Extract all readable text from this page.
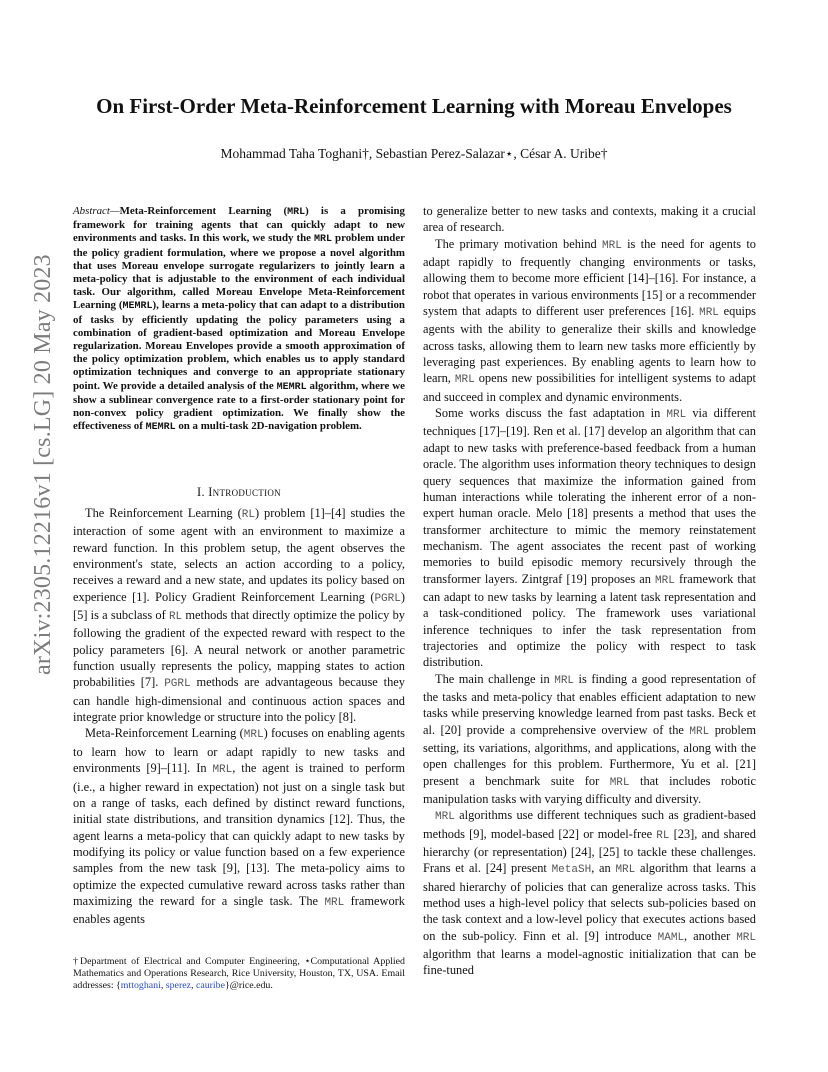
arXiv:2305.12216v1 [cs.LG] 20 May 2023
On First-Order Meta-Reinforcement Learning with Moreau Envelopes
Mohammad Taha Toghani†, Sebastian Perez-Salazar⋆, César A. Uribe†
Abstract—Meta-Reinforcement Learning (MRL) is a promising framework for training agents that can quickly adapt to new environments and tasks. In this work, we study the MRL problem under the policy gradient formulation, where we propose a novel algorithm that uses Moreau envelope surrogate regularizers to jointly learn a meta-policy that is adjustable to the environment of each individual task. Our algorithm, called Moreau Envelope Meta-Reinforcement Learning (MEMRL), learns a meta-policy that can adapt to a distribution of tasks by efficiently updating the policy parameters using a combination of gradient-based optimization and Moreau Envelope regularization. Moreau Envelopes provide a smooth approximation of the policy optimization problem, which enables us to apply standard optimization techniques and converge to an appropriate stationary point. We provide a detailed analysis of the MEMRL algorithm, where we show a sublinear convergence rate to a first-order stationary point for non-convex policy gradient optimization. We finally show the effectiveness of MEMRL on a multi-task 2D-navigation problem.
I. Introduction

The Reinforcement Learning (RL) problem [1]–[4] studies the interaction of some agent with an environment to maximize a reward function. In this problem setup, the agent observes the environment's state, selects an action according to a policy, receives a reward and a new state, and updates its policy based on experience [1]. Policy Gradient Reinforcement Learning (PGRL) [5] is a subclass of RL methods that directly optimize the policy by following the gradient of the expected reward with respect to the policy parameters [6]. A neural network or another parametric function usually represents the policy, mapping states to action probabilities [7]. PGRL methods are advantageous because they can handle high-dimensional and continuous action spaces and integrate prior knowledge or structure into the policy [8].

Meta-Reinforcement Learning (MRL) focuses on enabling agents to learn how to learn or adapt rapidly to new tasks and environments [9]–[11]. In MRL, the agent is trained to perform (i.e., a higher reward in expectation) not just on a single task but on a range of tasks, each defined by distinct reward functions, initial state distributions, and transition dynamics [12]. Thus, the agent learns a meta-policy that can quickly adapt to new tasks by modifying its policy or value function based on a few experience samples from the new task [9], [13]. The meta-policy aims to optimize the expected cumulative reward across tasks rather than maximizing the reward for a single task. The MRL framework enables agents

†Department of Electrical and Computer Engineering, ⋆Computational Applied Mathematics and Operations Research, Rice University, Houston, TX, USA. Email addresses: {mttoghani, sperez, cauribe}@rice.edu.

to generalize better to new tasks and contexts, making it a crucial area of research.

The primary motivation behind MRL is the need for agents to adapt rapidly to frequently changing environments or tasks, allowing them to become more efficient [14]–[16]. For instance, a robot that operates in various environments [15] or a recommender system that adapts to different user preferences [16]. MRL equips agents with the ability to generalize their skills and knowledge across tasks, allowing them to learn new tasks more efficiently by leveraging past experiences. By enabling agents to learn how to learn, MRL opens new possibilities for intelligent systems to adapt and succeed in complex and dynamic environments.

Some works discuss the fast adaptation in MRL via different techniques [17]–[19]. Ren et al. [17] develop an algorithm that can adapt to new tasks with preference-based feedback from a human oracle. The algorithm uses information theory techniques to design query sequences that maximize the information gained from human interactions while tolerating the inherent error of a non-expert human oracle. Melo [18] presents a method that uses the transformer architecture to mimic the memory reinstatement mechanism. The agent associates the recent past of working memories to build episodic memory recursively through the transformer layers. Zintgraf [19] proposes an MRL framework that can adapt to new tasks by learning a latent task representation and a task-conditioned policy. The framework uses variational inference techniques to infer the task representation from trajectories and optimize the policy with respect to task distribution.

The main challenge in MRL is finding a good representation of the tasks and meta-policy that enables efficient adaptation to new tasks while preserving knowledge learned from past tasks. Beck et al. [20] provide a comprehensive overview of the MRL problem setting, its variations, algorithms, and applications, along with the open challenges for this problem. Furthermore, Yu et al. [21] present a benchmark suite for MRL that includes robotic manipulation tasks with varying difficulty and diversity.

MRL algorithms use different techniques such as gradient-based methods [9], model-based [22] or model-free RL [23], and shared hierarchy (or representation) [24], [25] to tackle these challenges. Frans et al. [24] present MetaSH, an MRL algorithm that learns a shared hierarchy of policies that can generalize across tasks. This method uses a high-level policy that selects sub-policies based on the task context and a low-level policy that executes actions based on the sub-policy. Finn et al. [9] introduce MAML, another MRL algorithm that learns a model-agnostic initialization that can be fine-tuned
